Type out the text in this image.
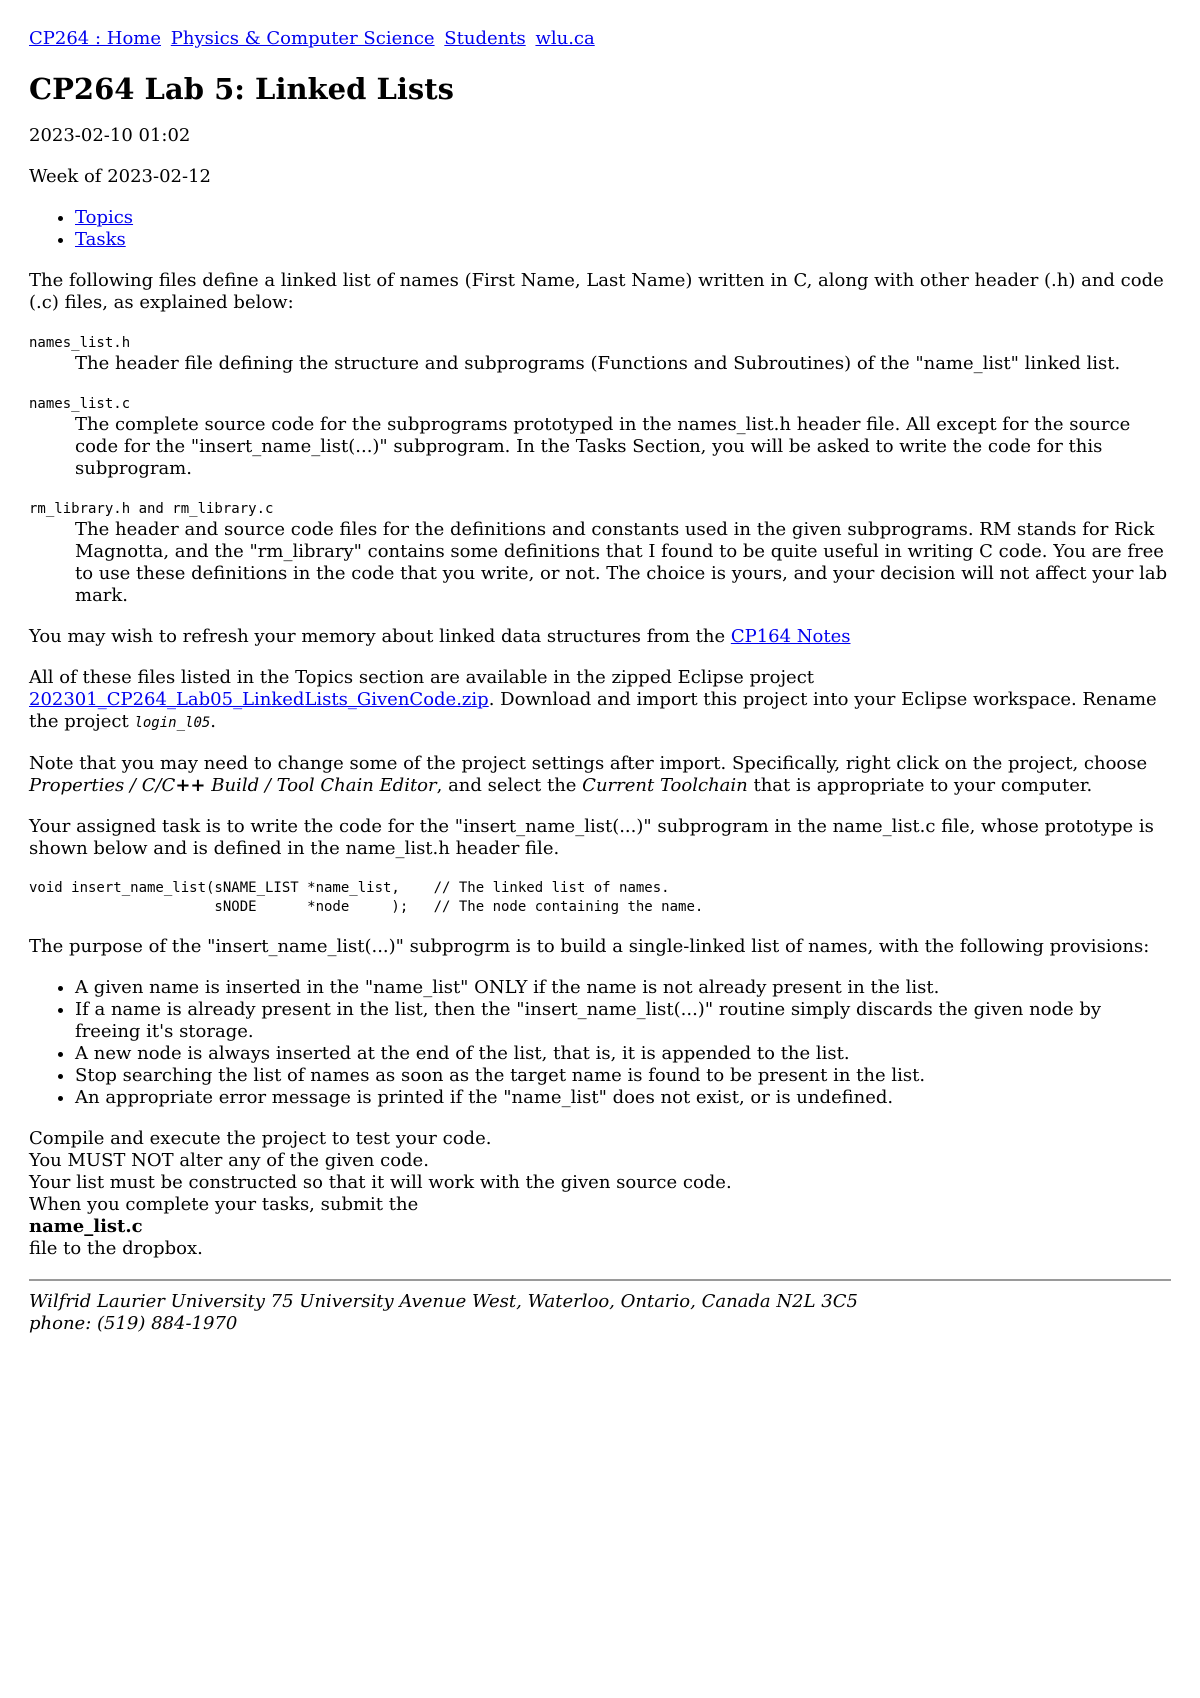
CP264 : Home Physics & Computer Science Students wlu.ca
CP264 Lab 5: Linked Lists

2023-02-10 01:02

Week of 2023-02-12

• Topics
• Tasks

The following files define a linked list of names (First Name, Last Name) written in C, along with other header (.h) and code (.c) files, as explained below:

names_list.h
The header file defining the structure and subprograms (Functions and Subroutines) of the "name_list" linked list.
names_list.c
The complete source code for the subprograms prototyped in the names_list.h header file. All except for the source code for the "insert_name_list(...)" subprogram. In the Tasks Section, you will be asked to write the code for this subprogram.
rm_library.h and rm_library.c
The header and source code files for the definitions and constants used in the given subprograms. RM stands for Rick Magnotta, and the "rm_library" contains some definitions that I found to be quite useful in writing C code. You are free to use these definitions in the code that you write, or not. The choice is yours, and your decision will not affect your lab mark.

You may wish to refresh your memory about linked data structures from the CP164 Notes

All of these files listed in the Topics section are available in the zipped Eclipse project 202301_CP264_Lab05_LinkedLists_GivenCode.zip. Download and import this project into your Eclipse workspace. Rename the project login_l05.

Note that you may need to change some of the project settings after import. Specifically, right click on the project, choose Properties / C/C++ Build / Tool Chain Editor, and select the Current Toolchain that is appropriate to your computer.

Your assigned task is to write the code for the "insert_name_list(...)" subprogram in the name_list.c file, whose prototype is shown below and is defined in the name_list.h header file.

void insert_name_list(sNAME_LIST *name_list,    // The linked list of names.
sNODE      *node     );   // The node containing the name.

The purpose of the "insert_name_list(...)" subprogrm is to build a single-linked list of names, with the following provisions:

• A given name is inserted in the "name_list" ONLY if the name is not already present in the list.
• If a name is already present in the list, then the "insert_name_list(...)" routine simply discards the given node by freeing it's storage.
• A new node is always inserted at the end of the list, that is, it is appended to the list.
• Stop searching the list of names as soon as the target name is found to be present in the list.
• An appropriate error message is printed if the "name_list" does not exist, or is undefined.

Compile and execute the project to test your code.
You MUST NOT alter any of the given code.
Your list must be constructed so that it will work with the given source code.
When you complete your tasks, submit the
name_list.c
file to the dropbox.

Wilfrid Laurier University 75 University Avenue West, Waterloo, Ontario, Canada N2L 3C5
phone: (519) 884-1970
